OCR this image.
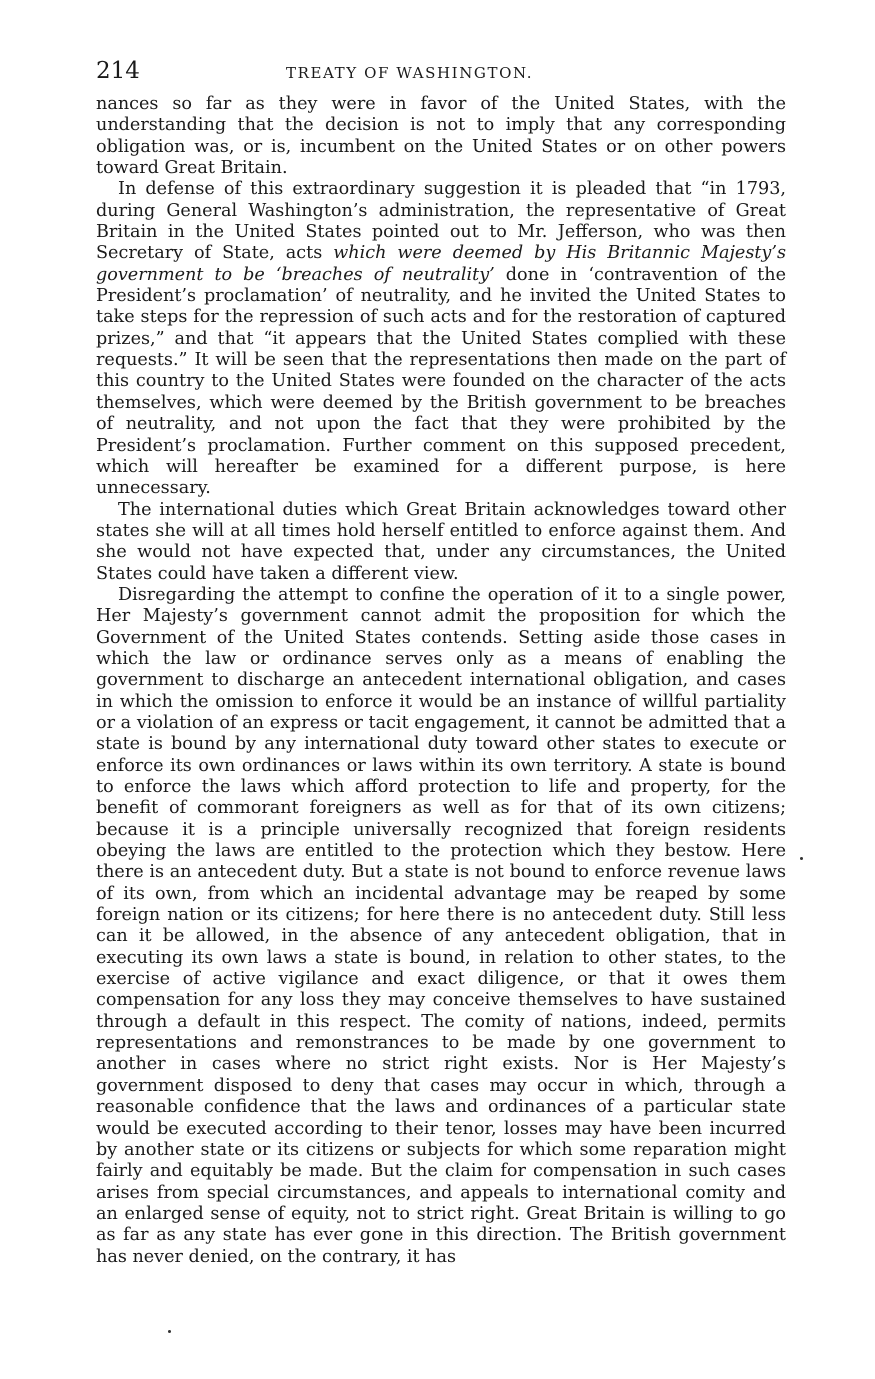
214	TREATY OF WASHINGTON.

nances so far as they were in favor of the United States, with the understanding that the decision is not to imply that any corresponding obligation was, or is, incumbent on the United States or on other powers toward Great Britain.

In defense of this extraordinary suggestion it is pleaded that “in 1793, during General Washington’s administration, the representative of Great Britain in the United States pointed out to Mr. Jefferson, who was then Secretary of State, acts which were deemed by His Britannic Majesty’s government to be ‘breaches of neutrality’ done in ‘contravention of the President’s proclamation’ of neutrality, and he invited the United States to take steps for the repression of such acts and for the restoration of captured prizes,” and that “it appears that the United States complied with these requests.” It will be seen that the representations then made on the part of this country to the United States were founded on the character of the acts themselves, which were deemed by the British government to be breaches of neutrality, and not upon the fact that they were prohibited by the President’s proclamation. Further comment on this supposed precedent, which will hereafter be examined for a different purpose, is here unnecessary.

The international duties which Great Britain acknowledges toward other states she will at all times hold herself entitled to enforce against them. And she would not have expected that, under any circumstances, the United States could have taken a different view.

Disregarding the attempt to confine the operation of it to a single power, Her Majesty’s government cannot admit the proposition for which the Government of the United States contends. Setting aside those cases in which the law or ordinance serves only as a means of enabling the government to discharge an antecedent international obligation, and cases in which the omission to enforce it would be an instance of willful partiality or a violation of an express or tacit engagement, it cannot be admitted that a state is bound by any international duty toward other states to execute or enforce its own ordinances or laws within its own territory. A state is bound to enforce the laws which afford protection to life and property, for the benefit of commorant foreigners as well as for that of its own citizens; because it is a principle universally recognized that foreign residents obeying the laws are entitled to the protection which they bestow. Here there is an antecedent duty. But a state is not bound to enforce revenue laws of its own, from which an incidental advantage may be reaped by some foreign nation or its citizens; for here there is no antecedent duty. Still less can it be allowed, in the absence of any antecedent obligation, that in executing its own laws a state is bound, in relation to other states, to the exercise of active vigilance and exact diligence, or that it owes them compensation for any loss they may conceive themselves to have sustained through a default in this respect. The comity of nations, indeed, permits representations and remonstrances to be made by one government to another in cases where no strict right exists. Nor is Her Majesty’s government disposed to deny that cases may occur in which, through a reasonable confidence that the laws and ordinances of a particular state would be executed according to their tenor, losses may have been incurred by another state or its citizens or subjects for which some reparation might fairly and equitably be made. But the claim for compensation in such cases arises from special circumstances, and appeals to international comity and an enlarged sense of equity, not to strict right. Great Britain is willing to go as far as any state has ever gone in this direction. The British government has never denied, on the contrary, it has
